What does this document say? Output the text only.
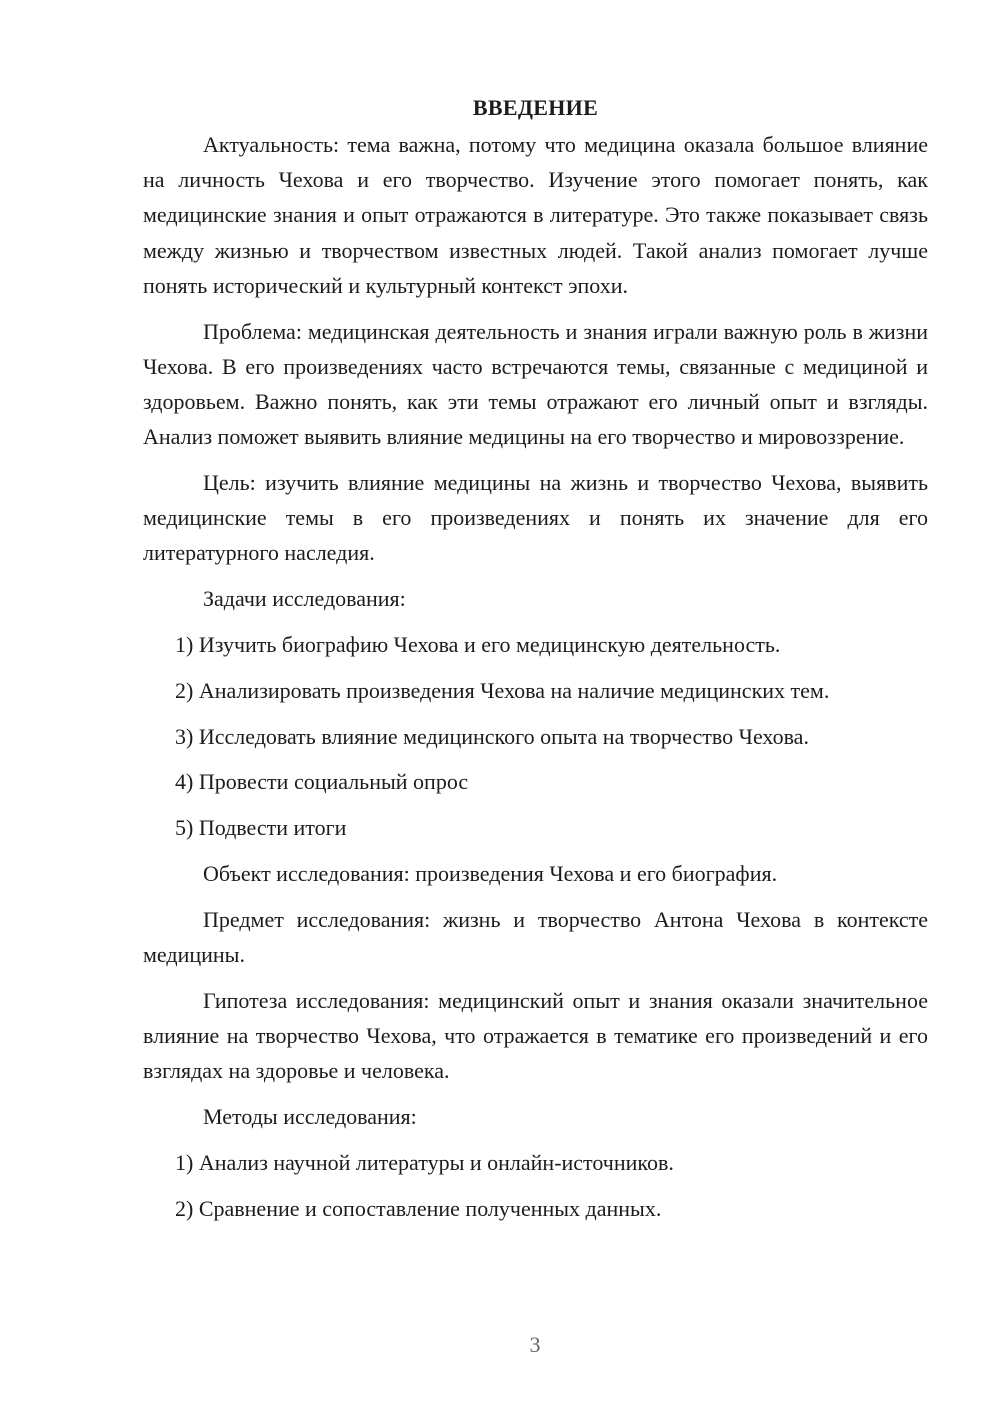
ВВЕДЕНИЕ

Актуальность: тема важна, потому что медицина оказала большое влияние на личность Чехова и его творчество. Изучение этого помогает понять, как медицинские знания и опыт отражаются в литературе. Это также показывает связь между жизнью и творчеством известных людей. Такой анализ помогает лучше понять исторический и культурный контекст эпохи.

Проблема: медицинская деятельность и знания играли важную роль в жизни Чехова. В его произведениях часто встречаются темы, связанные с медициной и здоровьем. Важно понять, как эти темы отражают его личный опыт и взгляды. Анализ поможет выявить влияние медицины на его творчество и мировоззрение.

Цель: изучить влияние медицины на жизнь и творчество Чехова, выявить медицинские темы в его произведениях и понять их значение для его литературного наследия.

Задачи исследования:

1) Изучить биографию Чехова и его медицинскую деятельность.
2) Анализировать произведения Чехова на наличие медицинских тем.
3) Исследовать влияние медицинского опыта на творчество Чехова.
4) Провести социальный опрос
5) Подвести итоги

Объект исследования: произведения Чехова и его биография.

Предмет исследования: жизнь и творчество Антона Чехова в контексте медицины.

Гипотеза исследования: медицинский опыт и знания оказали значительное влияние на творчество Чехова, что отражается в тематике его произведений и его взглядах на здоровье и человека.

Методы исследования:

1) Анализ научной литературы и онлайн-источников.
2) Сравнение и сопоставление полученных данных.
3
